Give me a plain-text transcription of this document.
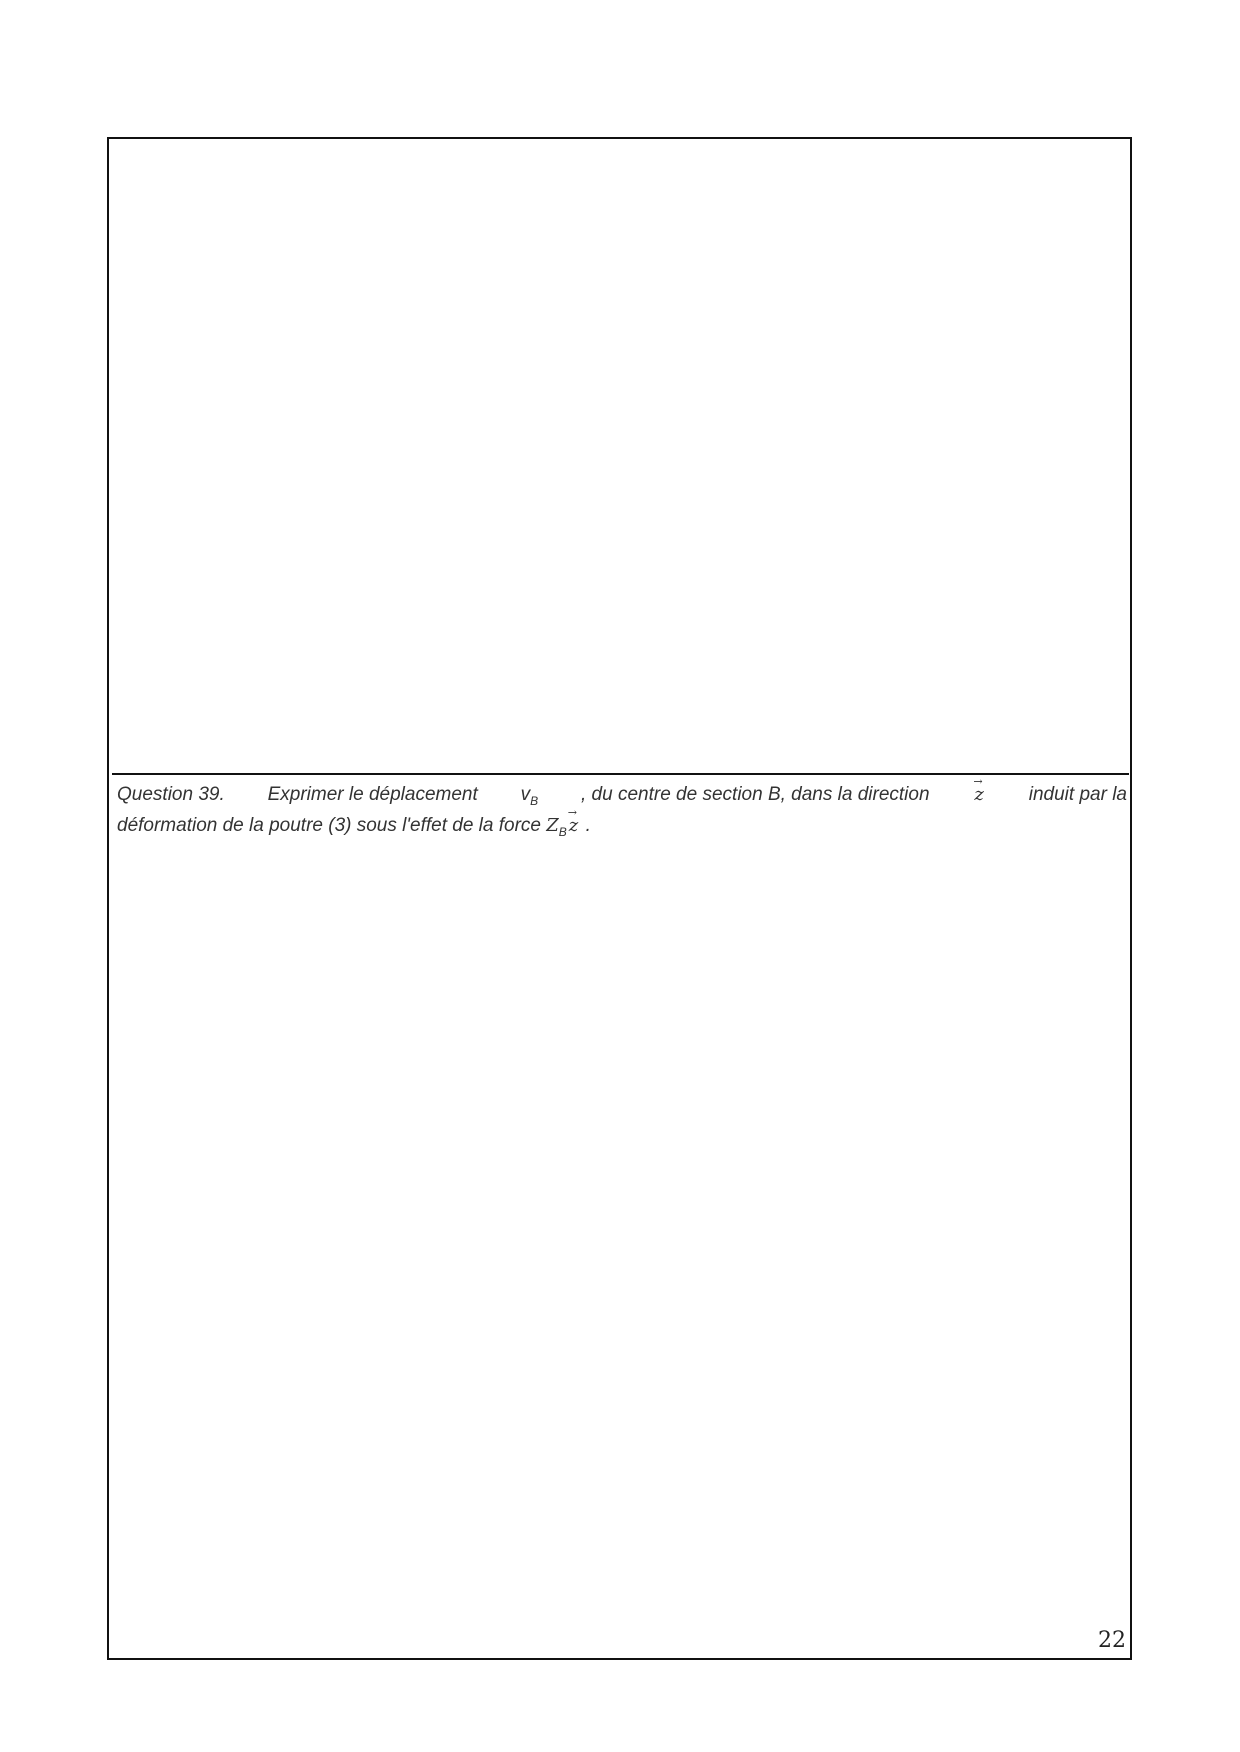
Question 39. Exprimer le déplacement $v_B$ , du centre de section B, dans la direction → z induit par la
déformation de la poutre (3) sous l'effet de la force $Z_B \to z$ .
22
